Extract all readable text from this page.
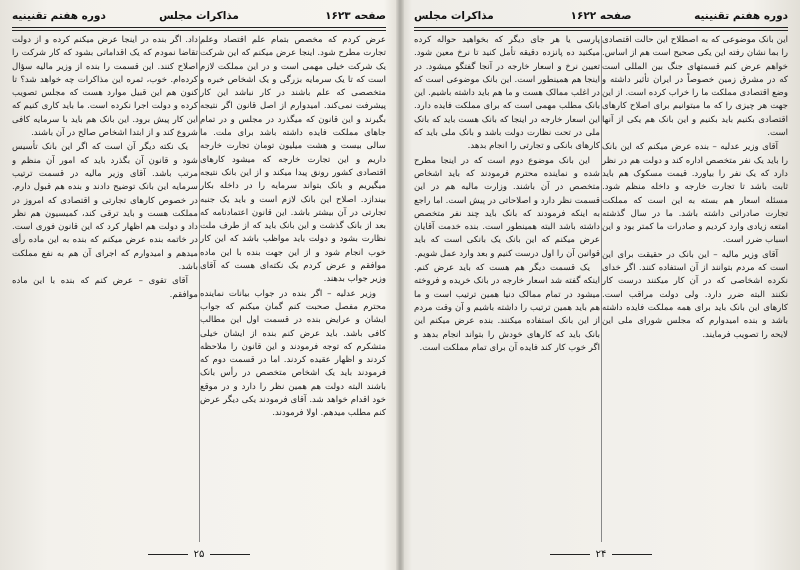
صفحه ۱۶۲۳
مذاکرات مجلس
دوره هفتم تقنینیه

عرض کردم که مخصص بتمام علم اقتصاد وعلم تجارت مطرح شود. اینجا عرض میکنم که این شرکت یک شرکت خیلی مهمی است و در این مملکت لازم است که تا یک سرمایه بزرگی و یک اشخاص خبره و متخصصی که علم باشند در کار نباشد این کار پیشرفت نمی‌کند. امیدوارم از اصل قانون اگر نتیجه بگیرند و این قانون که میگذرد در مجلس و در تمام جاهای مملکت فایده داشته باشد برای ملت. ما سالی بیست و هشت میلیون تومان تجارت خارجه داریم و این تجارت خارجه که میشود کارهای اقتصادی کشور رونق پیدا میکند و از این بانک نتیجه میگیریم و بانک بتواند سرمایه را در داخله بکار بیندازد. اصلاح این بانک لازم است و باید یک جنبه تجارتی در آن بیشتر باشد. این قانون اعتمادنامه که بعد از بانک گذشت و این بانک باید که از طرف ملت نظارت بشود و دولت باید مواظب باشد که این کار خوب انجام شود و از این جهت بنده با این ماده موافقم و عرض کردم یک نکته‌ای هست که آقای وزیر جواب بدهند.

وزیر عدلیه – اگر بنده در جواب بیانات نماینده محترم مفصل صحبت کنم گمان میکنم که جواب ایشان و عرایض بنده در قسمت اول این مطالب کافی باشد. باید عرض کنم بنده از ایشان خیلی متشکرم که توجه فرمودند و این قانون را ملاحظه کردند و اظهار عقیده کردند. اما در قسمت دوم که فرمودند باید یک اشخاص متخصص در رأس بانک باشند البته دولت هم همین نظر را دارد و در موقع خود اقدام خواهد شد. آقای فرمودند یکی دیگر عرض کنم مطلب میدهم. اولا فرمودند.

داد. اگر بنده در اینجا عرض میکنم کرده و از دولت تقاضا نمودم که یک اقداماتی بشود که کار شرکت را اصلاح کنند. این قسمت را بنده از وزیر مالیه سؤال کرده‌ام. خوب، ثمره این مذاکرات چه خواهد شد؟ تا کنون هم این قبیل موارد هست که مجلس تصویب کرده و دولت اجرا نکرده است. ما باید کاری کنیم که این کار پیش برود. این بانک هم باید با سرمایه کافی شروع کند و از ابتدا اشخاص صالح در آن باشند.

یک نکته دیگر آن است که اگر این بانک تأسیس شود و قانون آن بگذرد باید که امور آن منظم و مرتب باشد. آقای وزیر مالیه در قسمت ترتیب سرمایه این بانک توضیح دادند و بنده هم قبول دارم. در خصوص کارهای تجارتی و اقتصادی که امروز در مملکت هست و باید ترقی کند، کمیسیون هم نظر داد و دولت هم اظهار کرد که این قانون فوری است. در خاتمه بنده عرض میکنم که بنده به این ماده رأی میدهم و امیدوارم که اجرای آن هم به نفع مملکت باشد.

آقای تقوی – عرض کنم که بنده با این ماده موافقم.

۲۵
دوره هفتم تقنینیه
صفحه ۱۶۲۲
مذاکرات مجلس

این بانک موضوعی که به اصطلاح این حالت اقتصادی را بما نشان رفته این یکی صحیح است هم از اساس. خواهم عرض کنم قسمتهای جنگ بین المللی است که در مشرق زمین خصوصاً در ایران تأثیر داشته و وضع اقتصادی مملکت ما را خراب کرده است. از این جهت هر چیزی را که ما میتوانیم برای اصلاح کارهای اقتصادی بکنیم باید بکنیم و این بانک هم یکی از آنها است.

آقای وزیر عدلیه – بنده عرض میکنم که این بانک را باید یک نفر متخصص اداره کند و دولت هم در نظر دارد که یک نفر را بیاورد. قیمت مسکوک هم باید ثابت باشد تا تجارت خارجه و داخله منظم شود. مسئله اسعار هم بسته به این است که مملکت تجارت صادراتی داشته باشد. ما در سال گذشته امتعه زیادی وارد کردیم و صادرات ما کمتر بود و این اسباب ضرر است.

آقای وزیر مالیه – این بانک در حقیقت برای این است که مردم بتوانند از آن استفاده کنند. اگر خدای نکرده اشخاصی که در آن کار میکنند درست کار نکنند البته ضرر دارد. ولی دولت مراقب است. کارهای این بانک باید برای همه مملکت فایده داشته باشد و بنده امیدوارم که مجلس شورای ملی این لایحه را تصویب فرمایند.

پارسی یا هر جای دیگر که بخواهید حواله کرده میکنید ده پانزده دقیقه تأمل کنید تا نرخ معین شود. تعیین نرخ و اسعار خارجه در آنجا گفتگو میشود. در اینجا هم همینطور است. این بانک موضوعی است که در اغلب ممالک هست و ما هم باید داشته باشیم. این بانک مطلب مهمی است که برای مملکت فایده دارد. این اسعار خارجه در اینجا که بانک هست باید که بانک ملی در تحت نظارت دولت باشد و بانک ملی باید که کارهای بانکی و تجارتی را انجام بدهد.

این بانک موضوع دوم است که در اینجا مطرح شده و نماینده محترم فرمودند که باید اشخاص متخصص در آن باشند. وزارت مالیه هم در این قسمت نظر دارد و اصلاحاتی در پیش است. اما راجع به اینکه فرمودند که بانک باید چند نفر متخصص داشته باشد البته همینطور است. بنده خدمت آقایان عرض میکنم که این بانک یک بانکی است که باید قوانین آن را اول درست کنیم و بعد وارد عمل شویم.

یک قسمت دیگر هم هست که باید عرض کنم. اینکه گفته شد اسعار خارجه در بانک خریده و فروخته میشود در تمام ممالک دنیا همین ترتیب است و ما هم باید همین ترتیب را داشته باشیم و آن وقت مردم از این بانک استفاده میکنند. بنده عرض میکنم این بانک باید که کارهای خودش را بتواند انجام بدهد و اگر خوب کار کند فایده آن برای تمام مملکت است.

۲۴
